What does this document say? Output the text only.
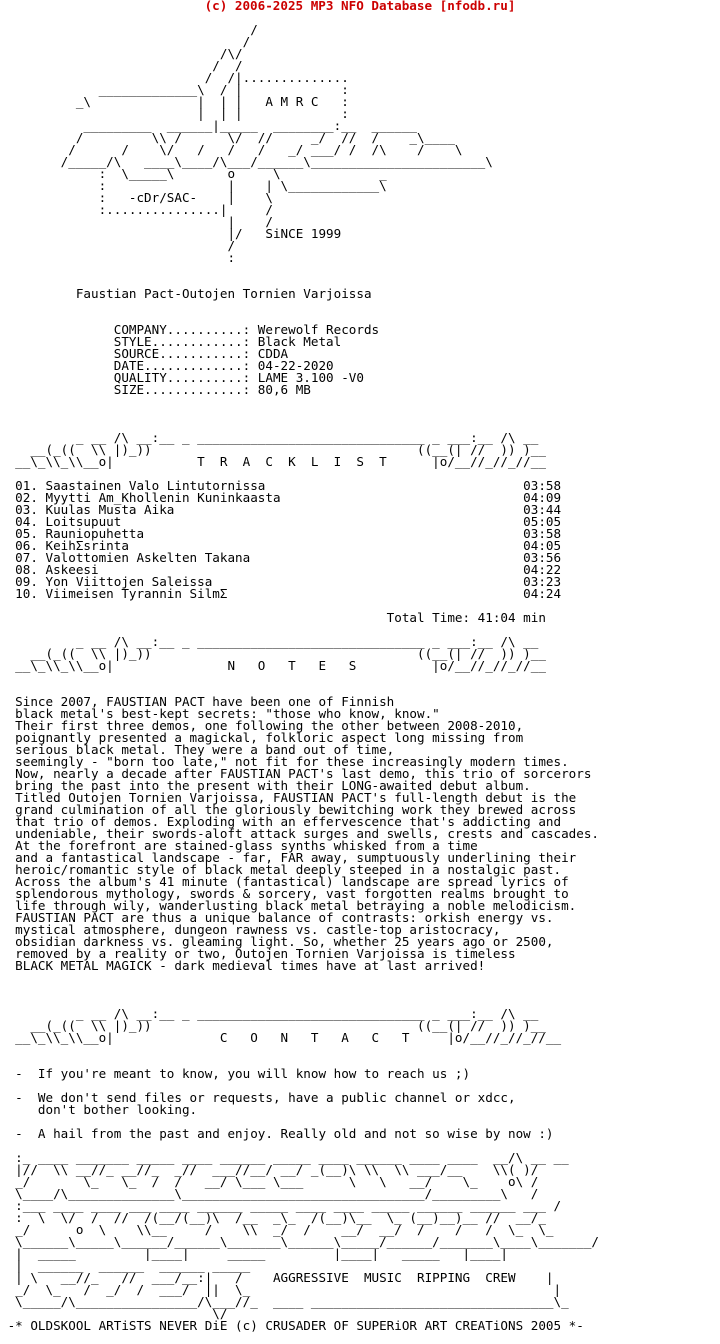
(c) 2006-2025 MP3 NFO Database [nfodb.ru]
/
/
/\/
/  /
/  /|..............
_____________\  / |             :
_\              |  | |   A M R C   :
|  | |             :
_________  ______|_____  ________:__  ______
/         \\ /      \/  //     _/  //  /    _\____
/      /    \/   /   /   /   _/ ___/ /  /\    /    \
/_____/\   ____\____/\___/______\_______________________\
:  \_____\       o     \             _
:                |    | \____________\
:   -cDr/SAC-    |    \
:...............|     /
|    /
|/   SiNCE 1999
/
:
Faustian Pact-Outojen Tornien Varjoissa
COMPANY..........: Werewolf Records
STYLE............: Black Metal
SOURCE...........: CDDA
DATE.............: 04-22-2020
QUALITY..........: LAME 3.100 -V0
SIZE.............: 80,6 MB
_ __ /\ __:__ _ ______________________________ _ ___:__ /\ __
__(_((  \\ |)_))                                   ((__(| //  )) )__
__\_\\_\\__o|           T  R  A  C  K  L  I  S  T      |o/__//_//_//__
01. Saastainen Valo Lintutornissa                                  03:58
02. Myytti Am_Khollenin Kuninkaasta                                04:09
03. Kuulas Musta Aika                                              03:44
04. Loitsupuut                                                     05:05
05. Rauniopuhetta                                                  03:58
06. KeihΣsrinta                                                    04:05
07. Valottomien Askelten Takana                                    03:56
08. Askeesi                                                        04:22
09. Yon Viittojen Saleissa                                         03:23
10. Viimeisen Tyrannin SilmΣ                                       04:24
Total Time: 41:04 min
_ __ /\ __:__ _ ______________________________ _ ___:__ /\ __
__(_((  \\ |)_))                                   ((__(| //  )) )__
__\_\\_\\__o|               N   O   T   E   S          |o/__//_//_//__
Since 2007, FAUSTIAN PACT have been one of Finnish
black metal's best-kept secrets: "those who know, know."
Their first three demos, one following the other between 2008-2010,
poignantly presented a magickal, folkloric aspect long missing from
serious black metal. They were a band out of time,
seemingly - "born too late," not fit for these increasingly modern times.
Now, nearly a decade after FAUSTIAN PACT's last demo, this trio of sorcerors
bring the past into the present with their LONG-awaited debut album.
Titled Outojen Tornien Varjoissa, FAUSTIAN PACT's full-length debut is the
grand culmination of all the gloriously bewitching work they brewed across
that trio of demos. Exploding with an effervescence that's addicting and
undeniable, their swords-aloft attack surges and swells, crests and cascades.
At the forefront are stained-glass synths whisked from a time
and a fantastical landscape - far, FAR away, sumptuously underlining their
heroic/romantic style of black metal deeply steeped in a nostalgic past.
Across the album's 41 minute (fantastical) landscape are spread lyrics of
splendorous mythology, swords & sorcery, vast forgotten realms brought to
life through wily, wanderlusting black metal betraying a noble melodicism.
FAUSTIAN PACT are thus a unique balance of contrasts: orkish energy vs.
mystical atmosphere, dungeon rawness vs. castle-top aristocracy,
obsidian darkness vs. gleaming light. So, whether 25 years ago or 2500,
removed by a reality or two, Outojen Tornien Varjoissa is timeless
BLACK METAL MAGICK - dark medieval times have at last arrived!
_ __ /\ __:__ _ ______________________________ _ ___:__ /\ __
__(_((  \\ |)_))                                   ((__(| //  )) )__
__\_\\_\\__o|              C   O   N   T   A   C   T     |o/__//_//_//__
-  If you're meant to know, you will know how to reach us ;)
-  We don't send files or requests, have a public channel or xdcc,
don't bother looking.
-  A hail from the past and enjoy. Really old and not so wise by now :)
:_ ____ _______ _____ ____ ______ _____ ____ ______ ____ ____  __/\ __ __
|//  \\ __//_ __//_  _//  ___//__/ __/ _(__)\ \\  \\ ___/__    \\( )/
_/       \_   \_  /  /   __/ \___ \___      \   \   __/    \_    o\ /
\____/\______________\________________________________/_________\   /
:___ ____ ____ ___ ____ ______ _____ ____ ____ _____ ______ ______ ___ /
:  \  \/  /  //  /(__/(__)\  /__  _\_  /(__)\__  \_ (__)__)__ //  __/_
_/      o  \    \\__     /    \\  _/  /    __/  __/  /    /   /  \_  \_
\______\_____\______/______\_______\______\_____/______/_______\____\_______/
|  _____         |____|     _____         |____|   _____   |____|
|  ______  ______  ______ _____
| \   __//_   //  ___/__:|   /    AGGRESSIVE  MUSIC  RIPPING  CREW    |
_/  \_   /  _/  /  ___/  ||  \_                                        |
\_____/\________________/\___//_  ____ ________________________________\_
\/
-* OLDSKOOL ARTiSTS NEVER DiE (c) CRUSADER OF SUPERiOR ART CREATiONS 2005 *-
